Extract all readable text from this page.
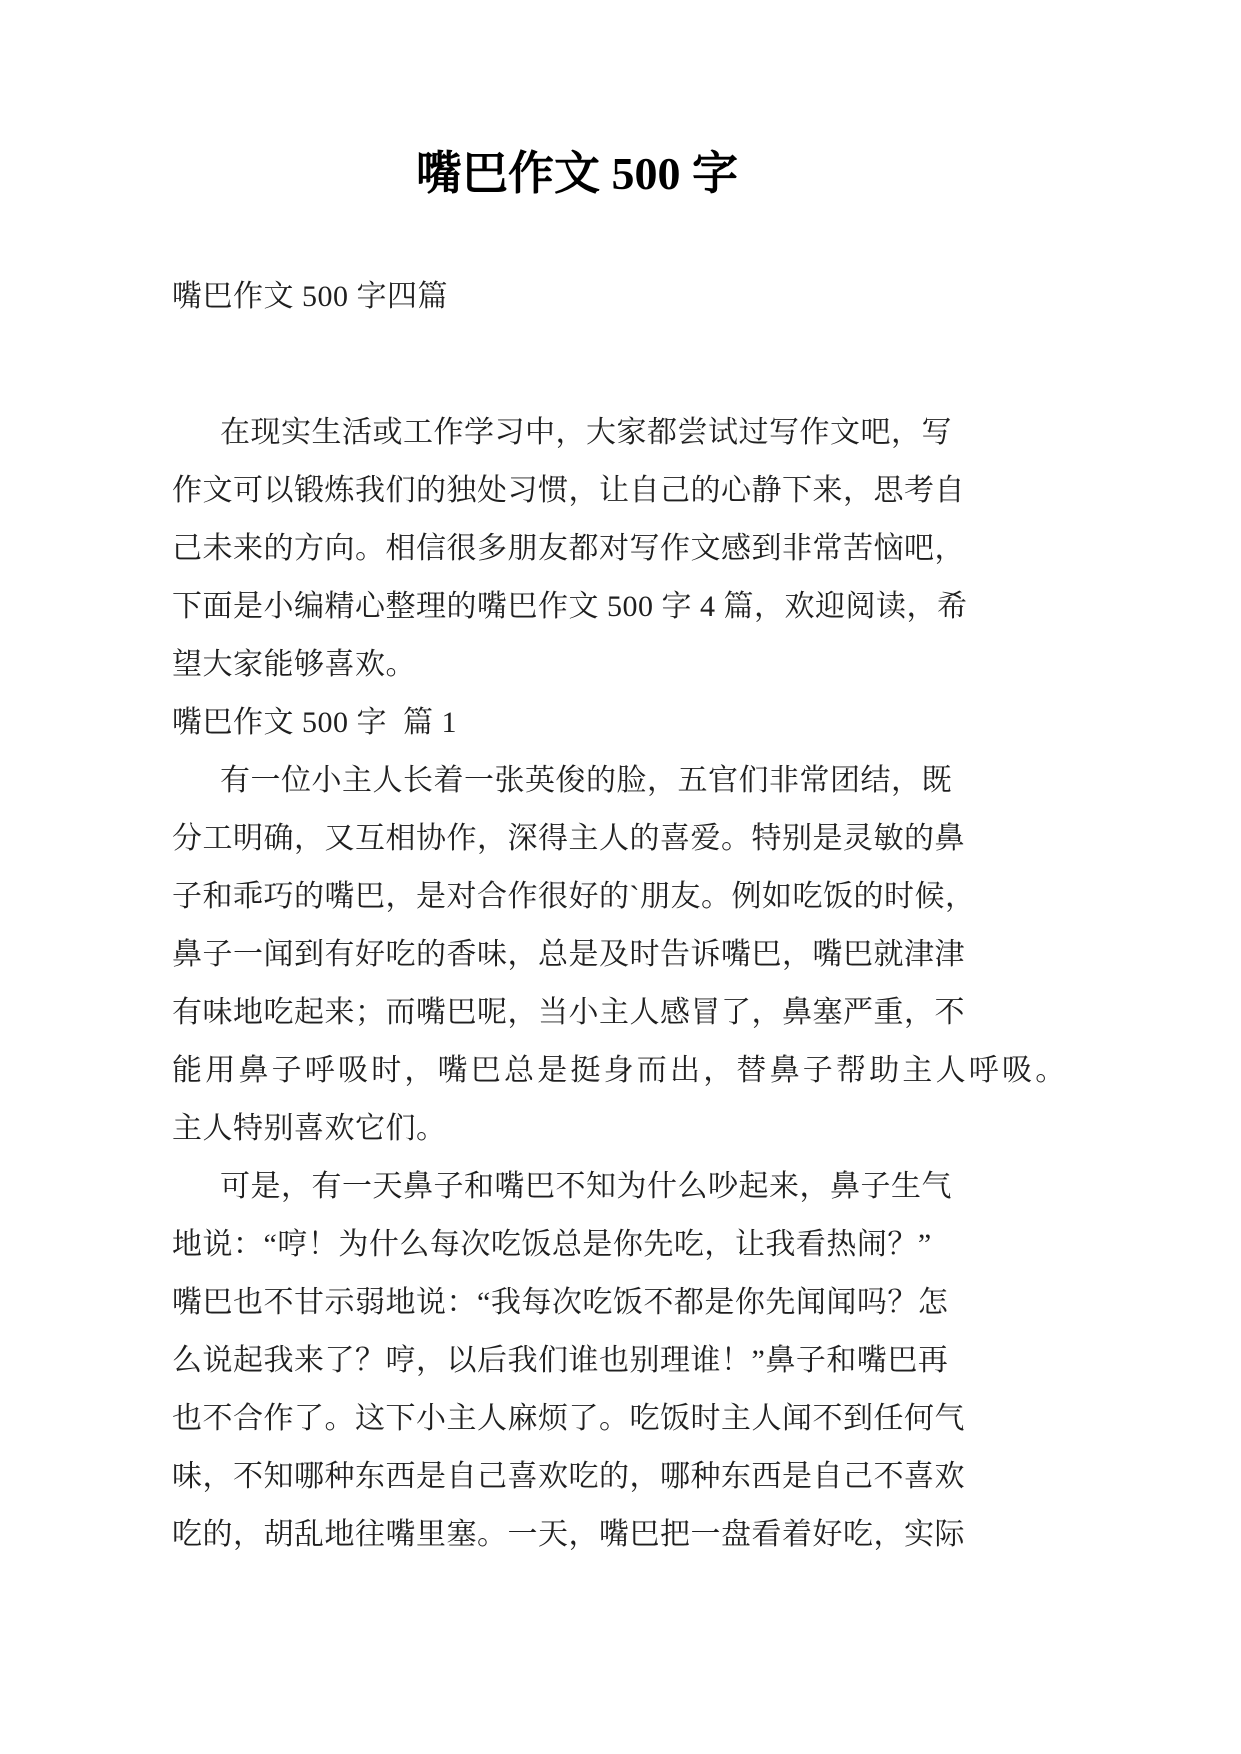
嘴巴作文 500 字
嘴巴作文 500 字四篇
在现实生活或工作学习中，大家都尝试过写作文吧，写
作文可以锻炼我们的独处习惯，让自己的心静下来，思考自
己未来的方向。相信很多朋友都对写作文感到非常苦恼吧，
下面是小编精心整理的嘴巴作文 500 字 4 篇，欢迎阅读，希
望大家能够喜欢。
嘴巴作文 500 字  篇 1
有一位小主人长着一张英俊的脸，五官们非常团结，既
分工明确，又互相协作，深得主人的喜爱。特别是灵敏的鼻
子和乖巧的嘴巴，是对合作很好的`朋友。例如吃饭的时候，
鼻子一闻到有好吃的香味，总是及时告诉嘴巴，嘴巴就津津
有味地吃起来；而嘴巴呢，当小主人感冒了，鼻塞严重，不
能用鼻子呼吸时，嘴巴总是挺身而出，替鼻子帮助主人呼吸。
主人特别喜欢它们。
可是，有一天鼻子和嘴巴不知为什么吵起来，鼻子生气
地说：“哼！为什么每次吃饭总是你先吃，让我看热闹？”
嘴巴也不甘示弱地说：“我每次吃饭不都是你先闻闻吗？怎
么说起我来了？哼，以后我们谁也别理谁！”鼻子和嘴巴再
也不合作了。这下小主人麻烦了。吃饭时主人闻不到任何气
味，不知哪种东西是自己喜欢吃的，哪种东西是自己不喜欢
吃的，胡乱地往嘴里塞。一天，嘴巴把一盘看着好吃，实际
